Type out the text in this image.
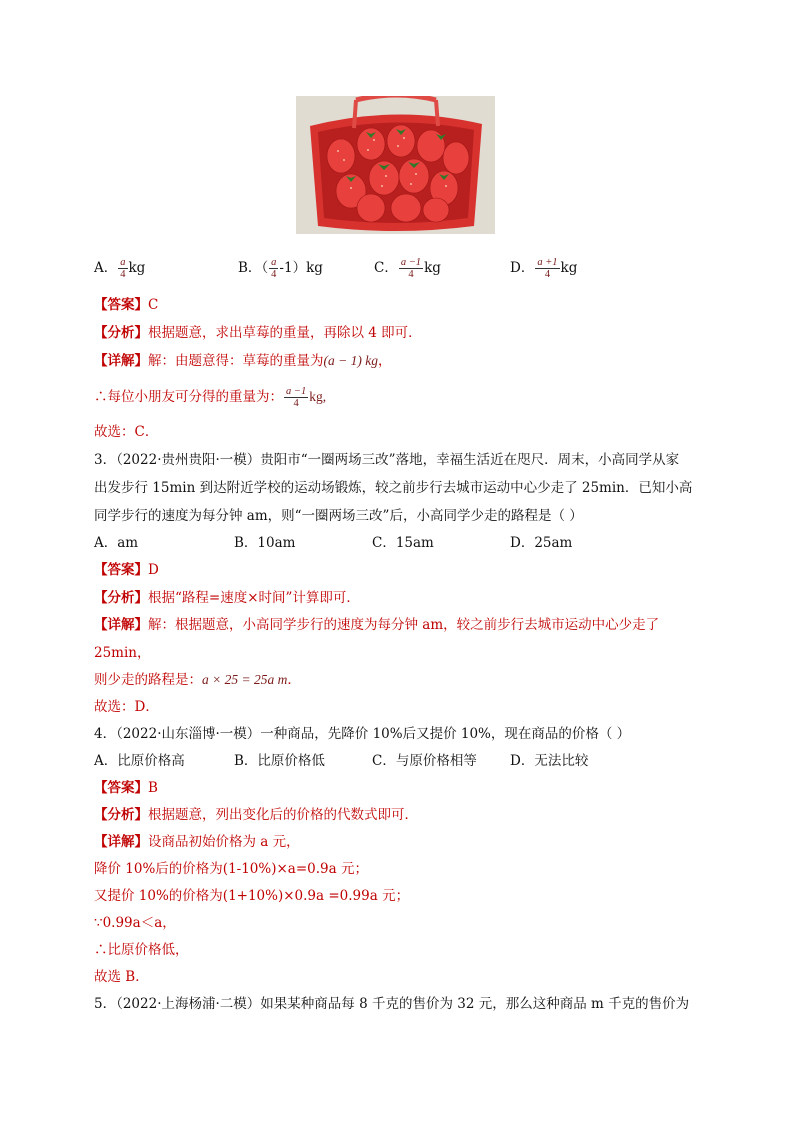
A． $\frac{a}{4}$ kg	B．（ $\frac{a}{4} -1)kg$	C． $\frac{a -1}{4}$ kg	D． $\frac{a +1}{4}$ kg
【答案】C
【分析】根据题意，求出草莓的重量，再除以 4 即可．
【详解】解：由题意得：草莓的重量为(a − 1) kg，
∴每位小朋友可分得的重量为： $\frac{a -1}{4}$ kg,
故选：C．
3．（2022·贵州贵阳·一模）贵阳市“一圈两场三改”落地，幸福生活近在咫尺．周末，小高同学从家
出发步行 15min 到达附近学校的运动场锻炼，较之前步行去城市运动中心少走了 25min．已知小高
同学步行的速度为每分钟 am，则“一圈两场三改”后，小高同学少走的路程是（ ）
A．am	B．10am	C．15am	D．25am
【答案】D
【分析】根据“路程=速度×时间”计算即可．
【详解】解：根据题意，小高同学步行的速度为每分钟 am，较之前步行去城市运动中心少走了
25min，
则少走的路程是：a × 25 = 25a m．
故选：D．
4．（2022·山东淄博·一模）一种商品，先降价 10%后又提价 10%，现在商品的价格（ ）
A．比原价格高	B．比原价格低	C．与原价格相等 D．无法比较
【答案】B
【分析】根据题意，列出变化后的价格的代数式即可．
【详解】设商品初始价格为 a 元，
降价 10%后的价格为(1-10%)×a=0.9a 元；
又提价 10%的价格为(1+10%)×0.9a =0.99a 元；
∵0.99a＜a，
∴比原价格低，
故选 B．
5．（2022·上海杨浦·二模）如果某种商品每 8 千克的售价为 32 元，那么这种商品 m 千克的售价为
